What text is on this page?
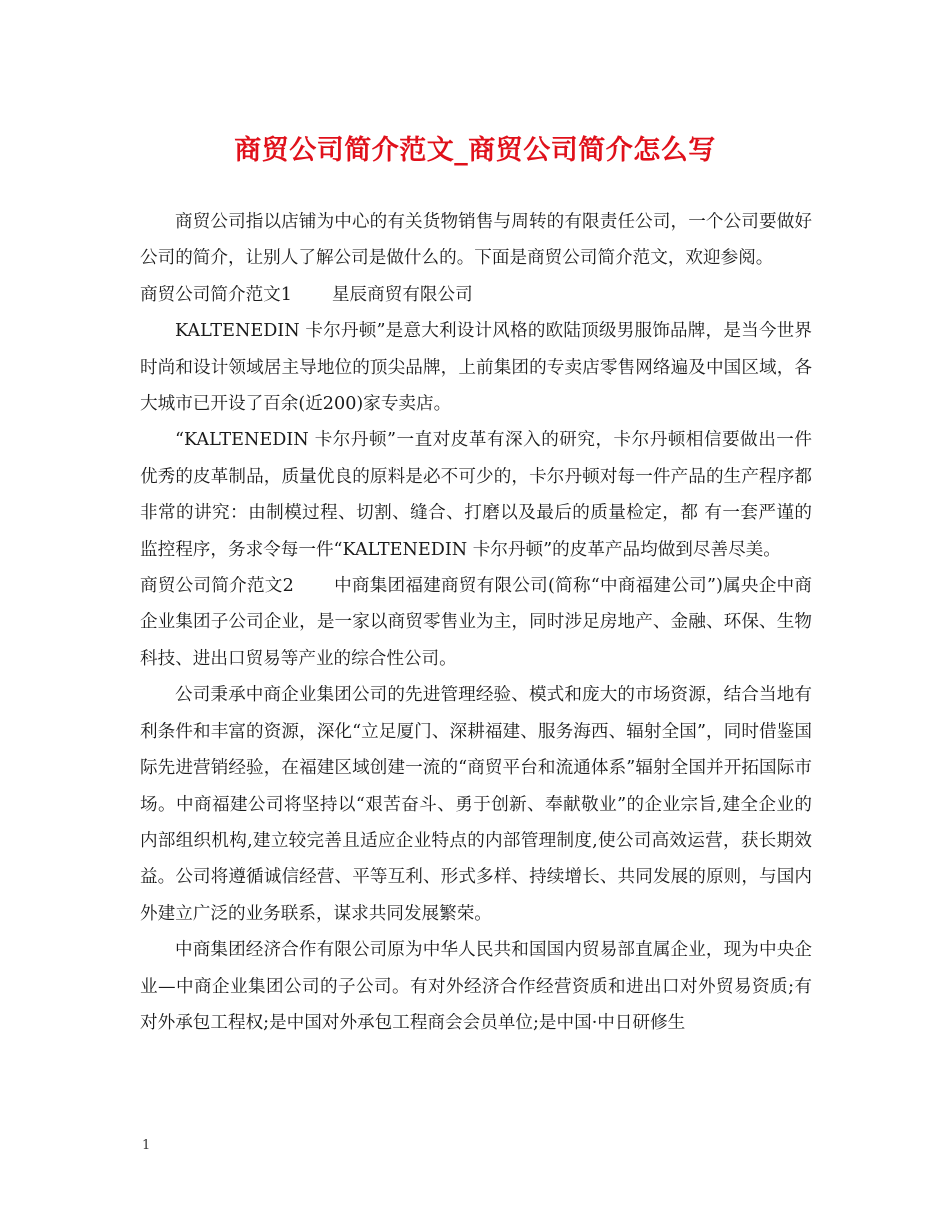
商贸公司简介范文_商贸公司简介怎么写

商贸公司指以店铺为中心的有关货物销售与周转的有限责任公司，一个公司要做好公司的简介，让别人了解公司是做什么的。下面是商贸公司简介范文，欢迎参阅。

商贸公司简介范文1 星辰商贸有限公司

KALTENEDIN 卡尔丹顿”是意大利设计风格的欧陆顶级男服饰品牌，是当今世界时尚和设计领域居主导地位的顶尖品牌，上前集团的专卖店零售网络遍及中国区域，各大城市已开设了百余(近200)家专卖店。

“KALTENEDIN 卡尔丹顿”一直对皮革有深入的研究，卡尔丹顿相信要做出一件优秀的皮革制品，质量优良的原料是必不可少的，卡尔丹顿对每一件产品的生产程序都非常的讲究：由制模过程、切割、缝合、打磨以及最后的质量检定，都 有一套严谨的监控程序，务求令每一件“KALTENEDIN 卡尔丹顿”的皮革产品均做到尽善尽美。

商贸公司简介范文2 中商集团福建商贸有限公司(简称“中商福建公司”)属央企中商企业集团子公司企业，是一家以商贸零售业为主，同时涉足房地产、金融、环保、生物科技、进出口贸易等产业的综合性公司。

公司秉承中商企业集团公司的先进管理经验、模式和庞大的市场资源，结合当地有利条件和丰富的资源，深化“立足厦门、深耕福建、服务海西、辐射全国”，同时借鉴国际先进营销经验，在福建区域创建一流的“商贸平台和流通体系”辐射全国并开拓国际市场。中商福建公司将坚持以“艰苦奋斗、勇于创新、奉献敬业”的企业宗旨,建全企业的内部组织机构,建立较完善且适应企业特点的内部管理制度,使公司高效运营，获长期效益。公司将遵循诚信经营、平等互利、形式多样、持续增长、共同发展的原则，与国内外建立广泛的业务联系，谋求共同发展繁荣。

中商集团经济合作有限公司原为中华人民共和国国内贸易部直属企业，现为中央企业—中商企业集团公司的子公司。有对外经济合作经营资质和进出口对外贸易资质;有对外承包工程权;是中国对外承包工程商会会员单位;是中国·中日研修生

1
